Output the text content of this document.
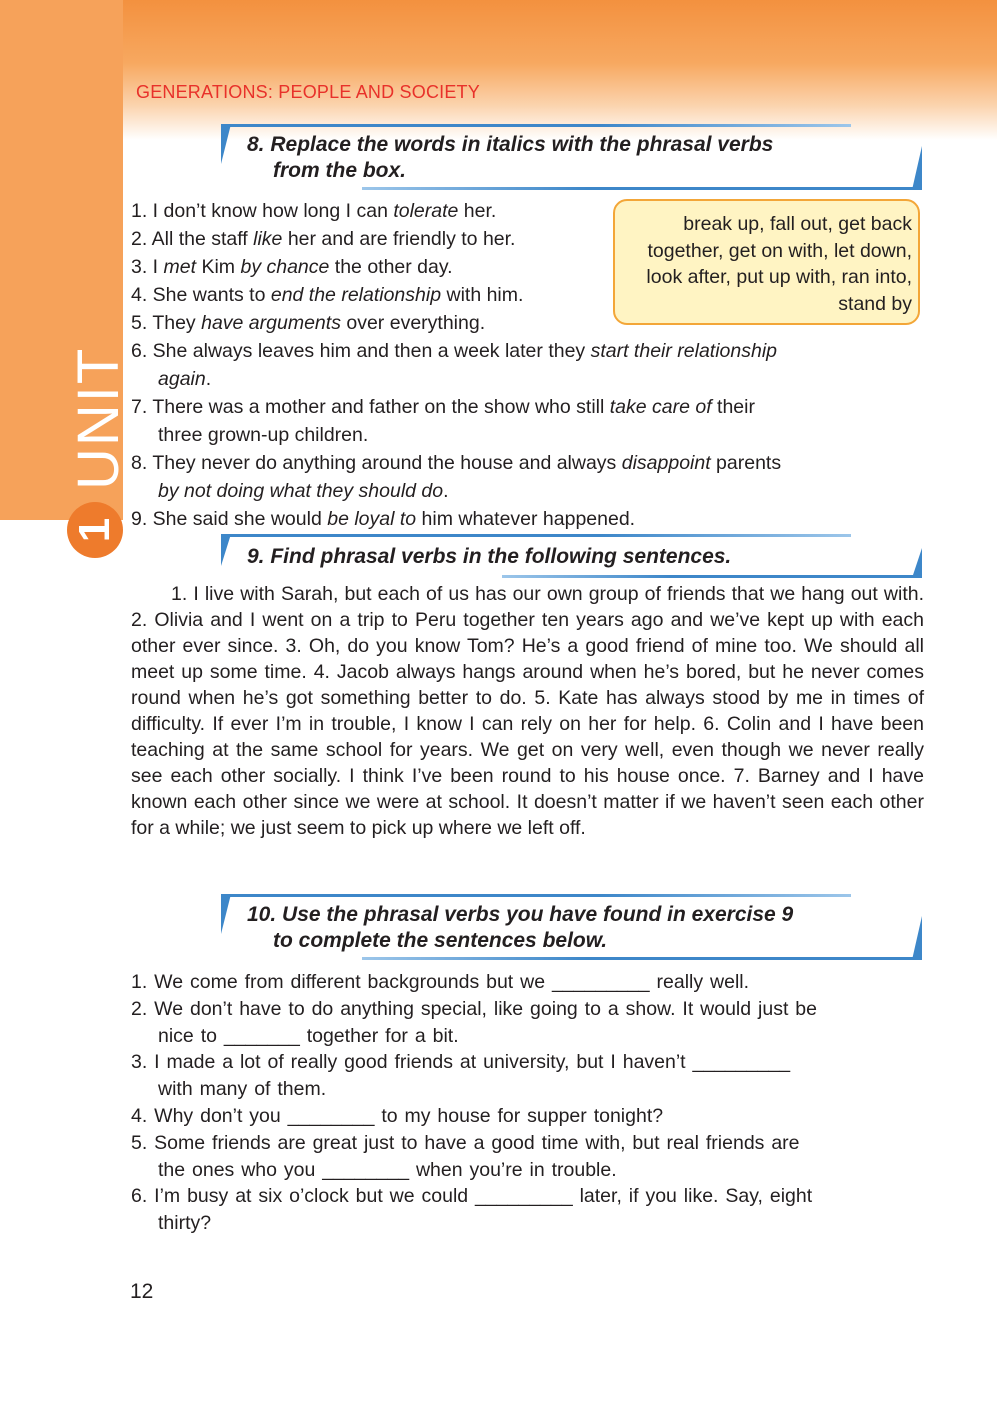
UNIT
1
GENERATIONS: PEOPLE AND SOCIETY

8. Replace the words in italics with the phrasal verbs
from the box.

break up, fall out, get back together, get on with, let down, look after, put up with, ran into, stand by

1. I don’t know how long I can tolerate her.
2. All the staff like her and are friendly to her.
3. I met Kim by chance the other day.
4. She wants to end the relationship with him.
5. They have arguments over everything.
6. She always leaves him and then a week later they start their relationship
again.
7. There was a mother and father on the show who still take care of their
three grown-up children.
8. They never do anything around the house and always disappoint parents
by not doing what they should do.
9. She said she would be loyal to him whatever happened.

9. Find phrasal verbs in the following sentences.

1. I live with Sarah, but each of us has our own group of friends that we hang out with. 2. Olivia and I went on a trip to Peru together ten years ago and we’ve kept up with each other ever since. 3. Oh, do you know Tom? He’s a good friend of mine too. We should all meet up some time. 4. Jacob always hangs around when he’s bored, but he never comes round when he’s got something better to do. 5. Kate has always stood by me in times of difficulty. If ever I’m in trouble, I know I can rely on her for help. 6. Colin and I have been teaching at the same school for years. We get on very well, even though we never really see each other socially. I think I’ve been round to his house once. 7. Barney and I have known each other since we were at school. It doesn’t matter if we haven’t seen each other for a while; we just seem to pick up where we left off.

10. Use the phrasal verbs you have found in exercise 9
to complete the sentences below.

1. We come from different backgrounds but we _________ really well.
2. We don’t have to do anything special, like going to a show. It would just be
nice to _______ together for a bit.
3. I made a lot of really good friends at university, but I haven’t _________
with many of them.
4. Why don’t you ________ to my house for supper tonight?
5. Some friends are great just to have a good time with, but real friends are
the ones who you ________ when you’re in trouble.
6. I’m busy at six o’clock but we could _________ later, if you like. Say, eight
thirty?

12
